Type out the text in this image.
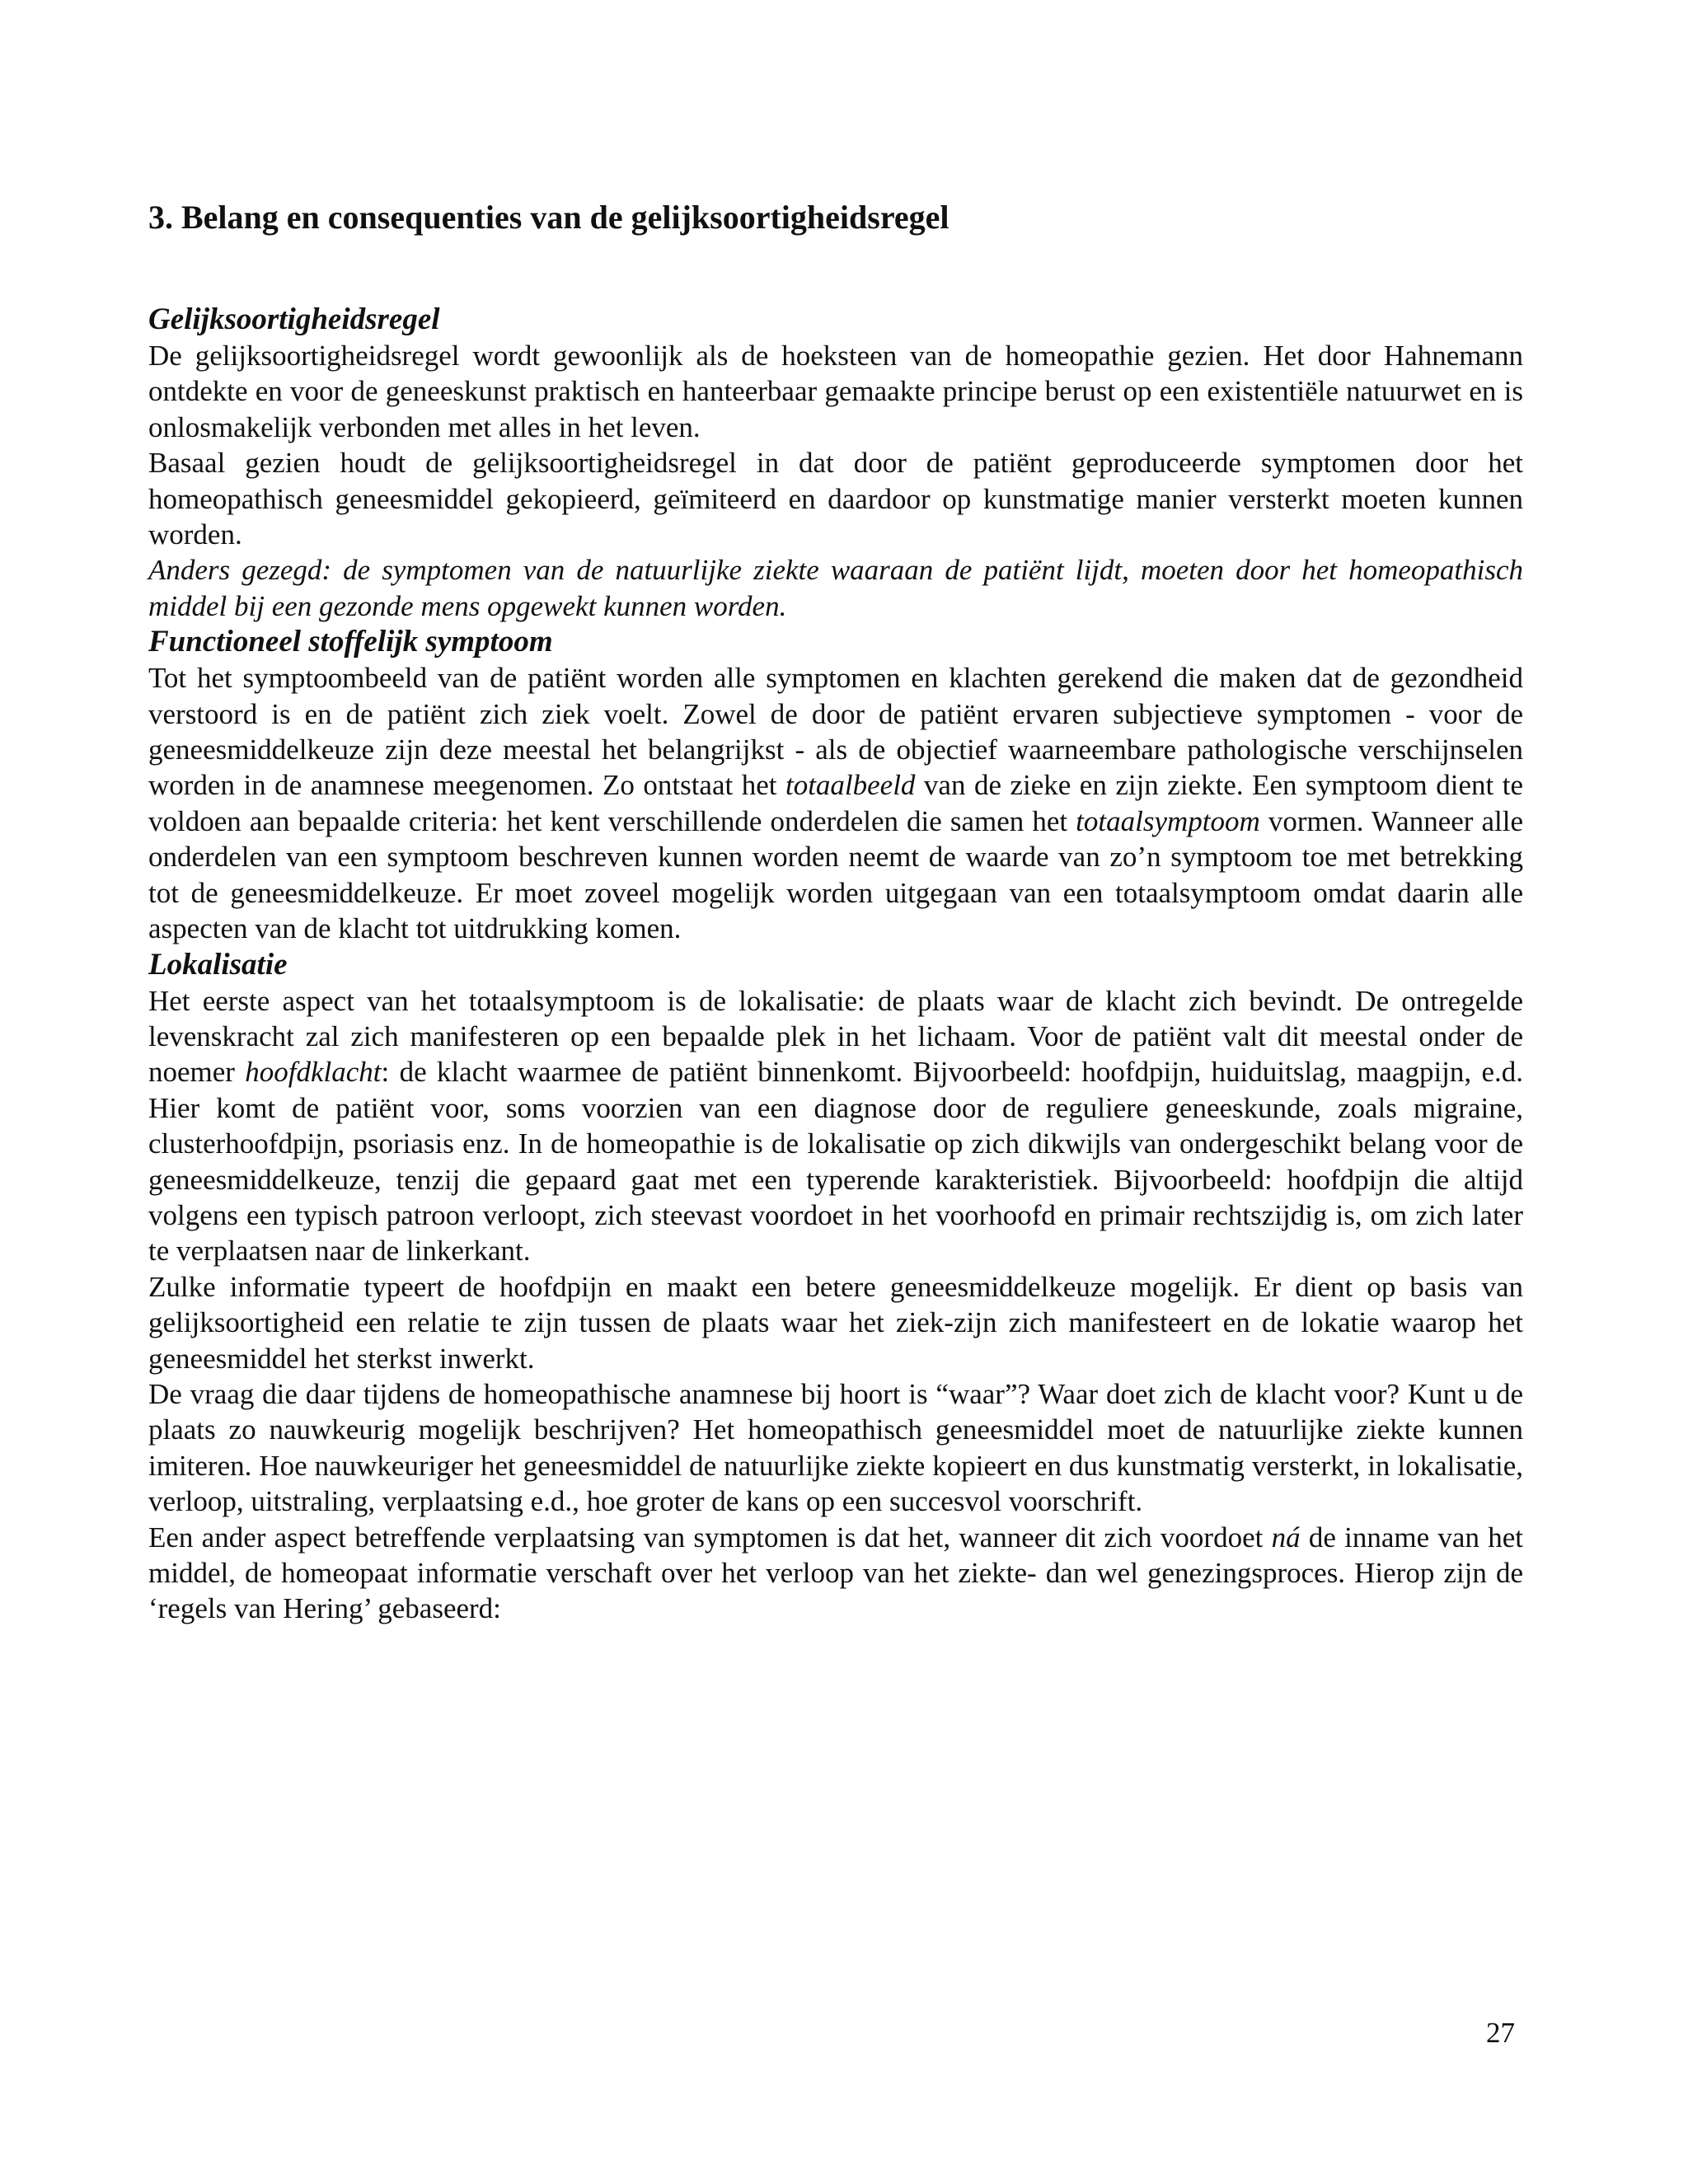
3. Belang en consequenties van de gelijksoortigheidsregel
Gelijksoortigheidsregel

De gelijksoortigheidsregel wordt gewoonlijk als de hoeksteen van de homeopathie gezien. Het door Hahnemann ontdekte en voor de geneeskunst praktisch en hanteerbaar gemaakte principe berust op een existentiële natuurwet en is onlosmakelijk verbonden met alles in het leven.

Basaal gezien houdt de gelijksoortigheidsregel in dat door de patiënt geproduceerde symptomen door het homeopathisch geneesmiddel gekopieerd, geïmiteerd en daardoor op kunstmatige manier versterkt moeten kunnen worden.

Anders gezegd: de symptomen van de natuurlijke ziekte waaraan de patiënt lijdt, moeten door het homeopathisch middel bij een gezonde mens opgewekt kunnen worden.

Functioneel stoffelijk symptoom

Tot het symptoombeeld van de patiënt worden alle symptomen en klachten gerekend die maken dat de gezondheid verstoord is en de patiënt zich ziek voelt. Zowel de door de patiënt ervaren subjectieve symptomen - voor de geneesmiddelkeuze zijn deze meestal het belangrijkst - als de objectief waarneembare pathologische verschijnselen worden in de anamnese meegenomen. Zo ontstaat het totaalbeeld van de zieke en zijn ziekte. Een symptoom dient te voldoen aan bepaalde criteria: het kent verschillende onderdelen die samen het totaalsymptoom vormen. Wanneer alle onderdelen van een symptoom beschreven kunnen worden neemt de waarde van zo’n symptoom toe met betrekking tot de geneesmiddelkeuze. Er moet zoveel mogelijk worden uitgegaan van een totaalsymptoom omdat daarin alle aspecten van de klacht tot uitdrukking komen.

Lokalisatie

Het eerste aspect van het totaalsymptoom is de lokalisatie: de plaats waar de klacht zich bevindt. De ontregelde levenskracht zal zich manifesteren op een bepaalde plek in het lichaam. Voor de patiënt valt dit meestal onder de noemer hoofdklacht: de klacht waarmee de patiënt binnenkomt. Bijvoorbeeld: hoofdpijn, huiduitslag, maagpijn, e.d. Hier komt de patiënt voor, soms voorzien van een diagnose door de reguliere geneeskunde, zoals migraine, clusterhoofdpijn, psoriasis enz. In de homeopathie is de lokalisatie op zich dikwijls van ondergeschikt belang voor de geneesmiddelkeuze, tenzij die gepaard gaat met een typerende karakteristiek. Bijvoorbeeld: hoofdpijn die altijd volgens een typisch patroon verloopt, zich steevast voordoet in het voorhoofd en primair rechtszijdig is, om zich later te verplaatsen naar de linkerkant.

Zulke informatie typeert de hoofdpijn en maakt een betere geneesmiddelkeuze mogelijk. Er dient op basis van gelijksoortigheid een relatie te zijn tussen de plaats waar het ziek-zijn zich manifesteert en de lokatie waarop het geneesmiddel het sterkst inwerkt.

De vraag die daar tijdens de homeopathische anamnese bij hoort is “waar”? Waar doet zich de klacht voor? Kunt u de plaats zo nauwkeurig mogelijk beschrijven? Het homeopathisch geneesmiddel moet de natuurlijke ziekte kunnen imiteren. Hoe nauwkeuriger het geneesmiddel de natuurlijke ziekte kopieert en dus kunstmatig versterkt, in lokalisatie, verloop, uitstraling, verplaatsing e.d., hoe groter de kans op een succesvol voorschrift.

Een ander aspect betreffende verplaatsing van symptomen is dat het, wanneer dit zich voordoet ná de inname van het middel, de homeopaat informatie verschaft over het verloop van het ziekte- dan wel genezingsproces. Hierop zijn de ‘regels van Hering’ gebaseerd:

27
